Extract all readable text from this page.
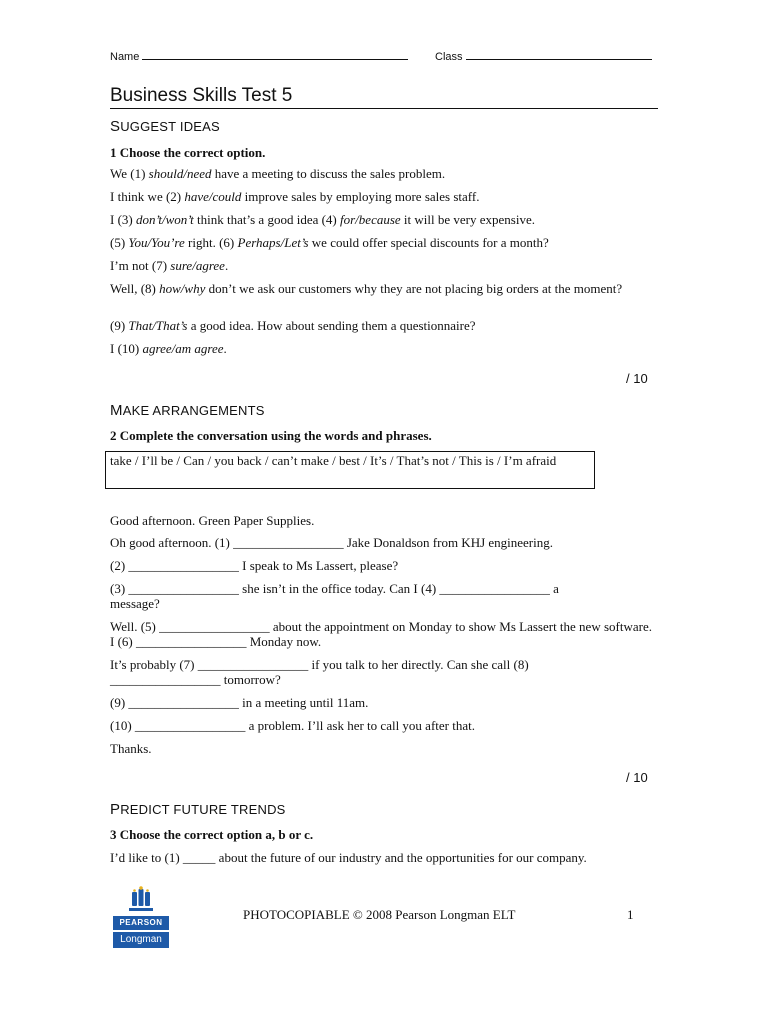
Name	Class
Business Skills Test 5
SUGGEST IDEAS
1 Choose the correct option.
We (1) should/need have a meeting to discuss the sales problem.
I think we (2) have/could improve sales by employing more sales staff.
I (3) don’t/won’t think that’s a good idea (4) for/because it will be very expensive.
(5) You/You’re right. (6) Perhaps/Let’s we could offer special discounts for a month?
I’m not (7) sure/agree.
Well, (8) how/why don’t we ask our customers why they are not placing big orders at the moment?
(9) That/That’s a good idea. How about sending them a questionnaire?
I (10) agree/am agree.
/ 10
MAKE ARRANGEMENTS
2 Complete the conversation using the words and phrases.
take / I’ll be / Can / you back / can’t make / best / It’s / That’s not / This is / I’m afraid
Good afternoon. Green Paper Supplies.
Oh good afternoon. (1) _________________ Jake Donaldson from KHJ engineering.
(2) _________________ I speak to Ms Lassert, please?
(3) _________________ she isn’t in the office today. Can I (4) _________________ a message?
Well. (5) _________________ about the appointment on Monday to show Ms Lassert the new software. I (6) _________________ Monday now.
It’s probably (7) _________________ if you talk to her directly. Can she call (8) _________________ tomorrow?
(9) _________________ in a meeting until 11am.
(10) _________________ a problem. I’ll ask her to call you after that.
Thanks.
/ 10
PREDICT FUTURE TRENDS
3 Choose the correct option a, b or c.
I’d like to (1) _____ about the future of our industry and the opportunities for our company.
PEARSON
Longman
PHOTOCOPIABLE © 2008 Pearson Longman ELT	1
